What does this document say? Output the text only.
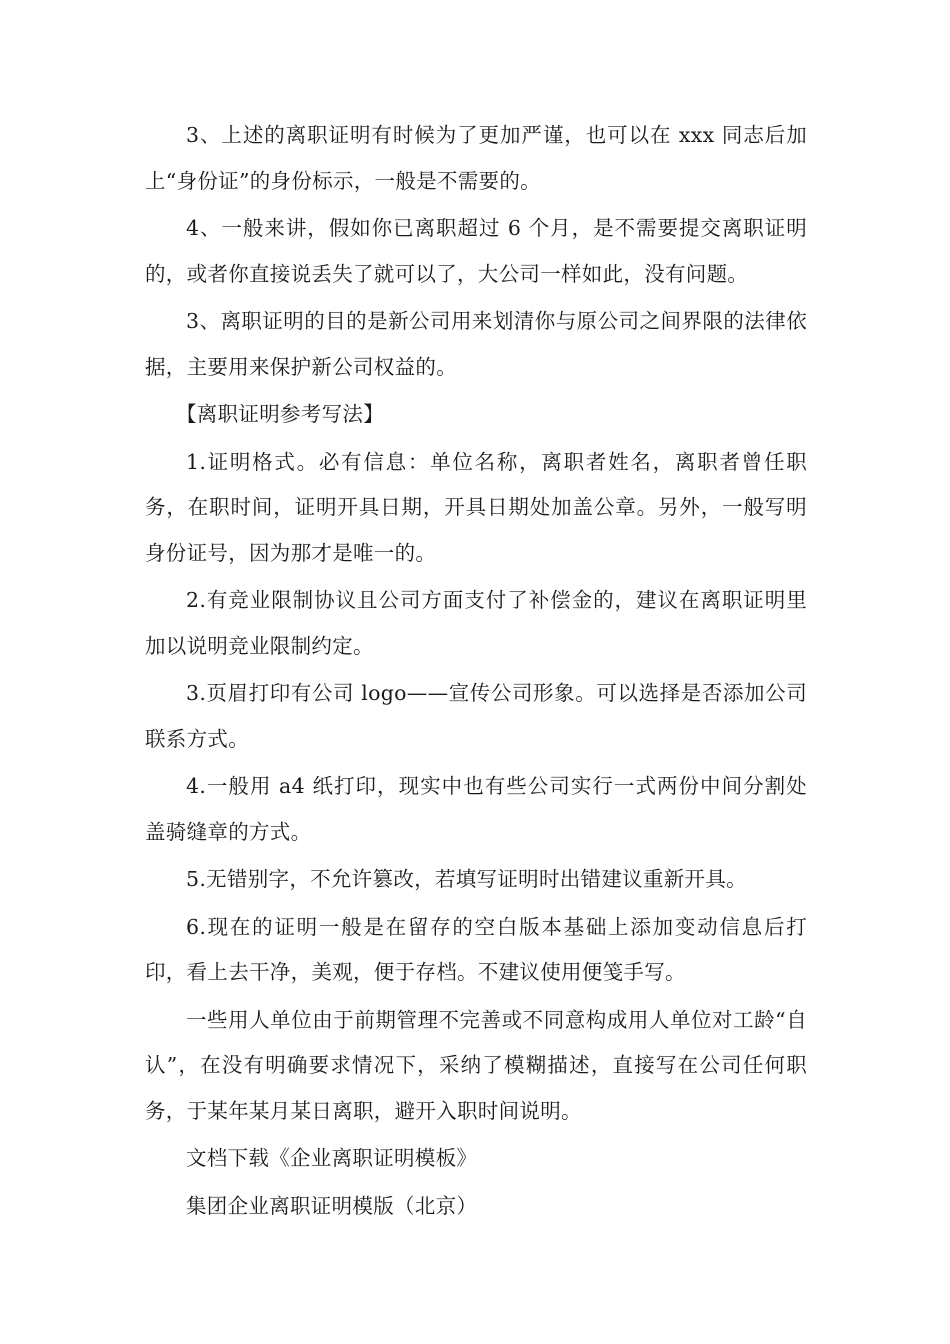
3、上述的离职证明有时候为了更加严谨，也可以在 xxx 同志后加上“身份证”的身份标示，一般是不需要的。

4、一般来讲，假如你已离职超过 6 个月，是不需要提交离职证明的，或者你直接说丢失了就可以了，大公司一样如此，没有问题。

3、离职证明的目的是新公司用来划清你与原公司之间界限的法律依据，主要用来保护新公司权益的。

【离职证明参考写法】

1.证明格式。必有信息：单位名称，离职者姓名，离职者曾任职务，在职时间，证明开具日期，开具日期处加盖公章。另外，一般写明身份证号，因为那才是唯一的。

2.有竞业限制协议且公司方面支付了补偿金的，建议在离职证明里加以说明竞业限制约定。

3.页眉打印有公司 logo——宣传公司形象。可以选择是否添加公司联系方式。

4.一般用 a4 纸打印，现实中也有些公司实行一式两份中间分割处盖骑缝章的方式。

5.无错别字，不允许篡改，若填写证明时出错建议重新开具。

6.现在的证明一般是在留存的空白版本基础上添加变动信息后打印，看上去干净，美观，便于存档。不建议使用便笺手写。

一些用人单位由于前期管理不完善或不同意构成用人单位对工龄“自认”，在没有明确要求情况下，采纳了模糊描述，直接写在公司任何职务，于某年某月某日离职，避开入职时间说明。

文档下载《企业离职证明模板》

集团企业离职证明模版（北京）
